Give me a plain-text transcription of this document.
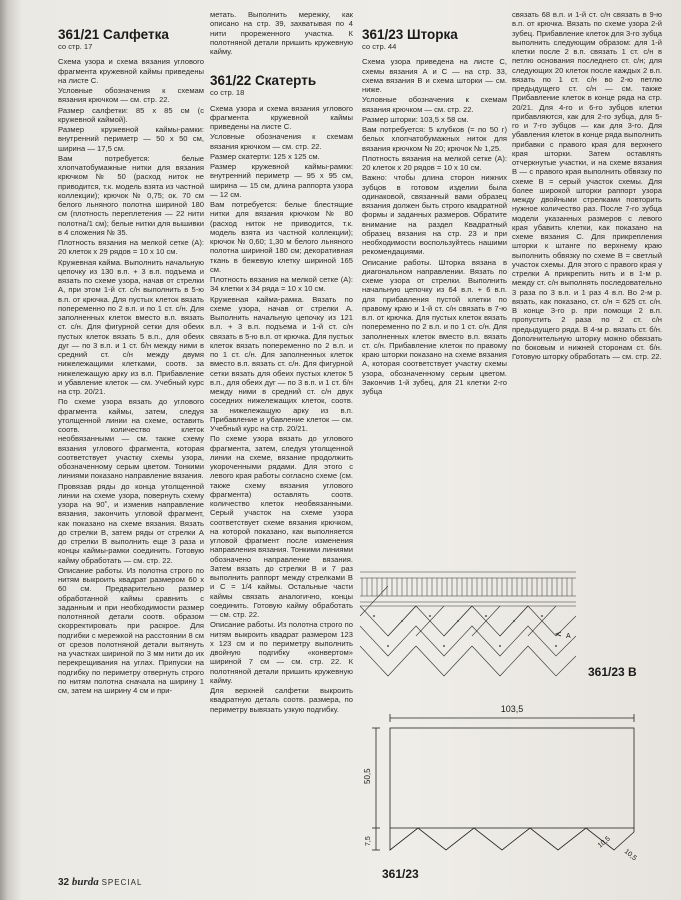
361/21 Салфетка
со стр. 17

Схема узора и схема вязания углового фрагмента кружевной каймы приведены на листе С.

Условные обозначения к схемам вязания крючком — см. стр. 22.

Размер салфетки: 85 х 85 см (с кружевной каймой).

Размер кружевной каймы-рамки: внутренний периметр — 50 х 50 см, ширина — 17,5 см.

Вам потребуется: белые хлопчатобумажные нитки для вязания крючком № 50 (расход ниток не приводится, т.к. модель взята из частной коллекции); крючок № 0,75; ок. 70 см белого льняного полотна шириной 180 см (плотность переплетения — 22 нити полотна/1 см); белые нитки для вышивки в 4 сложения № 35.

Плотность вязания на мелкой сетке (А): 20 клеток х 29 рядов = 10 х 10 см.

Кружевная кайма. Выполнить начальную цепочку из 130 в.п. + 3 в.п. подъема и вязать по схеме узора, начав от стрелки А, при этом 1-й ст. с/н выполнить в 5-ю в.п. от крючка. Для пустых клеток вязать попеременно по 2 в.п. и по 1 ст. с/н. Для заполненных клеток вместо в.п. вязать ст. с/н. Для фигурной сетки для обеих пустых клеток вязать 5 в.п., для обеих дуг — по 3 в.п. и 1 ст. б/н между ними в средний ст. с/н между двумя нижележащими клетками, соотв. за нижележащую арку из в.п. Прибавление и убавление клеток — см. Учебный курс на стр. 20/21.

По схеме узора вязать до углового фрагмента каймы, затем, следуя утолщенной линии на схеме, оставить соотв. количество клеток необвязанными — см. также схему вязания углового фрагмента, которая соответствует участку схемы узора, обозначенному серым цветом. Тонкими линиями показано направление вязания.

Провязав ряды до конца утолщенной линии на схеме узора, повернуть схему узора на 90˚, и изменив направление вязания, закончить угловой фрагмент, как показано на схеме вязания. Вязать до стрелки В, затем ряды от стрелки А до стрелки В выполнить еще 3 раза и концы каймы-рамки соединить. Готовую кайму обработать — см. стр. 22.

Описание работы. Из полотна строго по нитям выкроить квадрат размером 60 х 60 см. Предварительно размер обработанной каймы сравнить с заданным и при необходимости размер полотняной детали соотв. образом скорректировать при раскрое. Для подгибки с мережкой на расстоянии 8 см от срезов полотняной детали вытянуть на участках шириной по 3 мм нити до их перекрещивания на углах. Припуски на подгибку по периметру отвернуть строго по нитям полотна сначала на ширину 1 см, затем на ширину 4 см и при-

метать. Выполнить мережку, как описано на стр. 39, захватывая по 4 нити прореженного участка. К полотняной детали пришить кружевную кайму.

361/22 Скатерть
со стр. 18

Схема узора и схема вязания углового фрагмента кружевной каймы приведены на листе С.

Условные обозначения к схемам вязания крючком — см. стр. 22.

Размер скатерти: 125 х 125 см.

Размер кружевной каймы-рамки: внутренний периметр — 95 х 95 см, ширина — 15 см, длина раппорта узора — 12 см.

Вам потребуется: белые блестящие нитки для вязания крючком № 80 (расход ниток не приводится, т.к. модель взята из частной коллекции); крючок № 0,60; 1,30 м белого льняного полотна шириной 180 см; декоративная ткань в бежевую клетку шириной 165 см.

Плотность вязания на мелкой сетке (А): 34 клетки х 34 ряда = 10 х 10 см.

Кружевная кайма-рамка. Вязать по схеме узора, начав от стрелки А. Выполнить начальную цепочку из 121 в.п. + 3 в.п. подъема и 1-й ст. с/н связать в 5-ю в.п. от крючка. Для пустых клеток вязать попеременно по 2 в.п. и по 1 ст. с/н. Для заполненных клеток вместо в.п. вязать ст. с/н. Для фигурной сетки вязать для обеих пустых клеток 5 в.п., для обеих дуг — по 3 в.п. и 1 ст. б/н между ними в средний ст. с/н двух соседних нижележащих клеток, соотв. за нижележащую арку из в.п. Прибавление и убавление клеток — см. Учебный курс на стр. 20/21.

По схеме узора вязать до углового фрагмента, затем, следуя утолщенной линии на схеме, вязание продолжить укороченными рядами. Для этого с левого края работы согласно схеме (см. также схему вязания углового фрагмента) оставлять соотв. количество клеток необвязанными. Серый участок на схеме узора соответствует схеме вязания крючком, на которой показано, как выполняется угловой фрагмент после изменения направления вязания. Тонкими линиями обозначено направление вязания. Затем вязать до стрелки В и 7 раз выполнить раппорт между стрелками В и С = 1/4 каймы. Остальные части каймы связать аналогично, концы соединить. Готовую кайму обработать — см. стр. 22.

Описание работы. Из полотна строго по нитям выкроить квадрат размером 123 х 123 см и по периметру выполнить двойную подгибку «конвертом» шириной 7 см — см. стр. 22. К полотняной детали пришить кружевную кайму.

Для верхней салфетки выкроить квадратную деталь соотв. размера, по периметру вывязать узкую подгибку.

361/23 Шторка
со стр. 44

Схема узора приведена на листе С, схемы вязания А и С — на стр. 33, схема вязания В и схема шторки — см. ниже.

Условные обозначения к схемам вязания крючком — см. стр. 22.

Размер шторки: 103,5 х 58 см.

Вам потребуется: 5 клубков (= по 50 г) белых хлопчатобумажных ниток для вязания крючком № 20; крючок № 1,25.

Плотность вязания на мелкой сетке (А): 20 клеток х 20 рядов = 10 х 10 см.

Важно: чтобы длина сторон нижних зубцов в готовом изделии была одинаковой, связанный вами образец вязания должен быть строго квадратной формы и заданных размеров. Обратите внимание на раздел Квадратный образец вязания на стр. 23 и при необходимости воспользуйтесь нашими рекомендациями.

Описание работы. Шторка вязана в диагональном направлении. Вязать по схеме узора от стрелки. Выполнить начальную цепочку из 64 в.п. + 6 в.п. для прибавления пустой клетки по правому краю и 1-й ст. с/н связать в 7-ю в.п. от крючка. Для пустых клеток вязать попеременно по 2 в.п. и по 1 ст. с/н. Для заполненных клеток вместо в.п. вязать ст. с/н. Прибавление клеток по правому краю шторки показано на схеме вязания А, которая соответствует участку схемы узора, обозначенному серым цветом. Закончив 1-й зубец, для 21 клетки 2-го зубца

связать 68 в.п. и 1-й ст. с/н связать в 9-ю в.п. от крючка. Вязать по схеме узора 2-й зубец. Прибавление клеток для 3-го зубца выполнить следующим образом: для 1-й клетки после 2 в.п. связать 1 ст. с/н в петлю основания последнего ст. с/н; для следующих 20 клеток после каждых 2 в.п. вязать по 1 ст. с/н во 2-ю петлю предыдущего ст. с/н — см. также Прибавление клеток в конце ряда на стр. 20/21. Для 4-го и 6-го зубцов клетки прибавляются, как для 2-го зубца, для 5-го и 7-го зубцов — как для 3-го. Для убавления клеток в конце ряда выполнить прибавки с правого края для верхнего края шторки. Затем оставлять отчеркнутые участки, и на схеме вязания В — с правого края выполнить обвязку по схеме В = серый участок схемы. Для более широкой шторки раппорт узора между двойными стрелками повторить нужное количество раз. После 7-го зубца модели указанных размеров с левого края убавить клетки, как показано на схеме вязания С. Для прикрепления шторки к штанге по верхнему краю выполнить обвязку по схеме В = светлый участок схемы. Для этого с правого края у стрелки А прикрепить нить и в 1-м р. между ст. с/н выполнять последовательно 3 раза по 3 в.п. и 1 раз 4 в.п. Во 2-м р. вязать, как показано, ст. с/н = 625 ст. с/н. В конце 3-го р. при помощи 2 в.п. пропустить 2 раза по 2 ст. с/н предыдущего ряда. В 4-м р. вязать ст. б/н. Дополнительную шторку можно обвязать по боковым и нижней сторонам ст. б/н. Готовую шторку обработать — см. стр. 22.

A
361/23 B
103,5
50,5
7,5	10,5
10,5
361/23
32 burda SPECIAL
